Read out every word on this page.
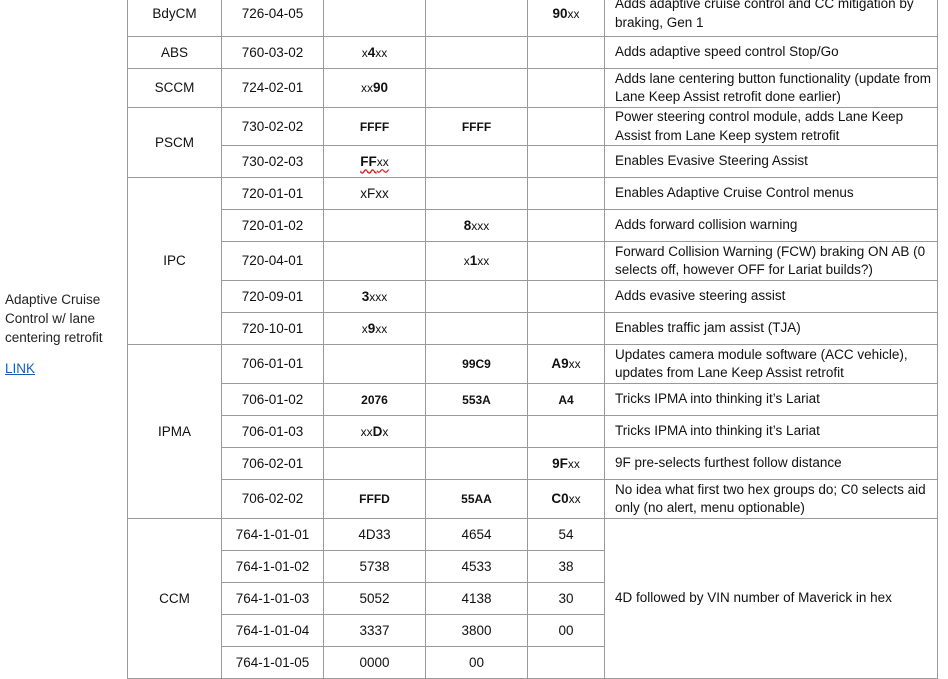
Adaptive Cruise Control w/ lane centering retrofit
LINK
BdyCM	726-04-05			90xx	Adds adaptive cruise control and CC mitigation by braking, Gen 1
ABS	760-03-02	x4xx			Adds adaptive speed control Stop/Go
SCCM	724-02-01	xx90			Adds lane centering button functionality (update from Lane Keep Assist retrofit done earlier)
PSCM	730-02-02	FFFF	FFFF		Power steering control module, adds Lane Keep Assist from Lane Keep system retrofit
	730-02-03	FFxx			Enables Evasive Steering Assist
IPC	720-01-01	xFxx			Enables Adaptive Cruise Control menus
	720-01-02		8xxx		Adds forward collision warning
	720-04-01		x1xx		Forward Collision Warning (FCW) braking ON AB (0 selects off, however OFF for Lariat builds?)
	720-09-01	3xxx			Adds evasive steering assist
	720-10-01	x9xx			Enables traffic jam assist (TJA)
IPMA	706-01-01		99C9	A9xx	Updates camera module software (ACC vehicle), updates from Lane Keep Assist retrofit
	706-01-02	2076	553A	A4	Tricks IPMA into thinking it’s Lariat
	706-01-03	xxDx			Tricks IPMA into thinking it’s Lariat
	706-02-01			9Fxx	9F pre-selects furthest follow distance
	706-02-02	FFFD	55AA	C0xx	No idea what first two hex groups do; C0 selects aid only (no alert, menu optionable)
CCM	764-1-01-01	4D33	4654	54	4D followed by VIN number of Maverick in hex
	764-1-01-02	5738	4533	38	
	764-1-01-03	5052	4138	30	
	764-1-01-04	3337	3800	00	
	764-1-01-05	0000	00		
